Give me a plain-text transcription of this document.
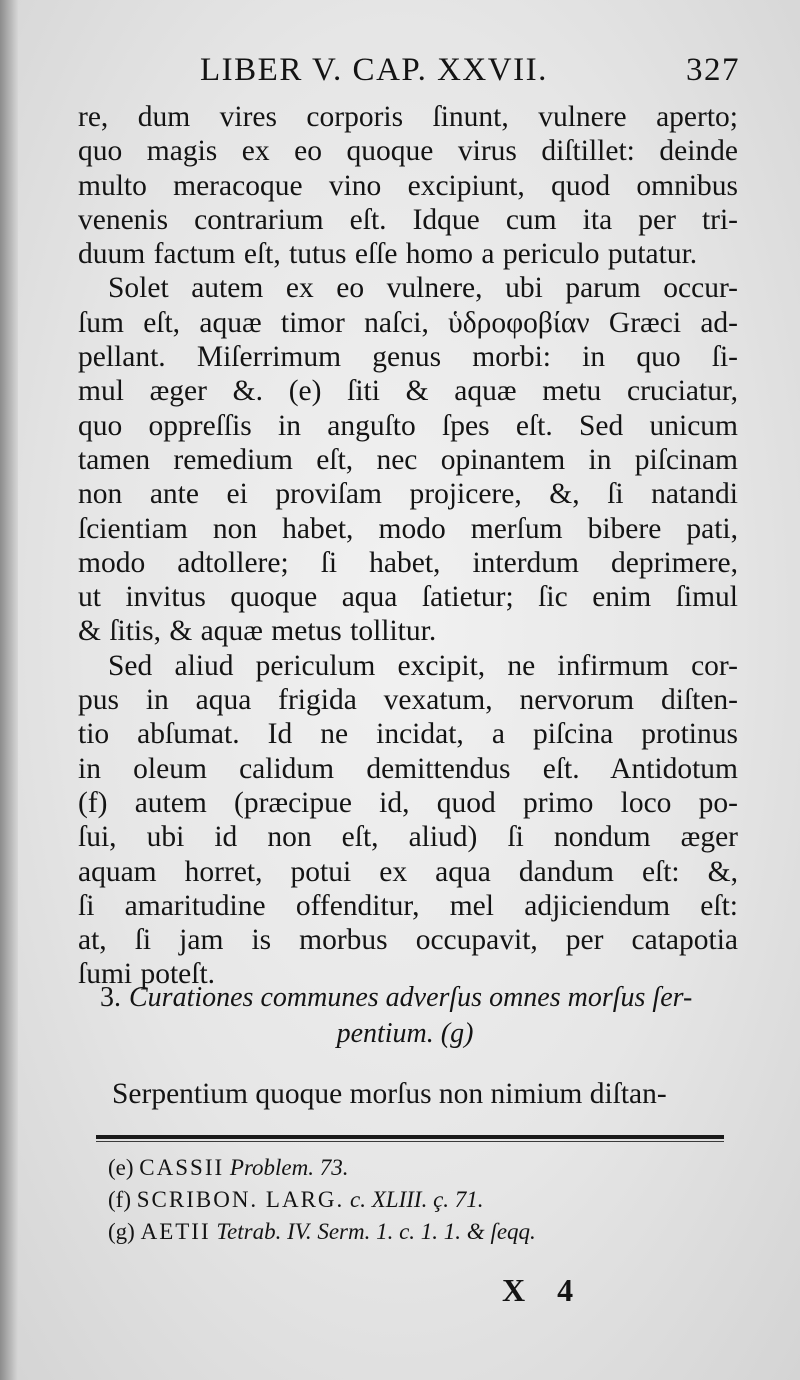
LIBER V. CAP. XXVII.	327
re, dum vires corporis ſinunt, vulnere aperto;
quo magis ex eo quoque virus diſtillet: deinde
multo meracoque vino excipiunt, quod omnibus
venenis contrarium eſt. Idque cum ita per tri-
duum factum eſt, tutus eſſe homo a periculo putatur.
Solet autem ex eo vulnere, ubi parum occur-
ſum eſt, aquæ timor naſci, ὑδροφοβίαν Græci ad-
pellant. Miſerrimum genus morbi: in quo ſi-
mul æger &. (e) ſiti & aquæ metu cruciatur,
quo oppreſſis in anguſto ſpes eſt. Sed unicum
tamen remedium eſt, nec opinantem in piſcinam
non ante ei proviſam projicere, &, ſi natandi
ſcientiam non habet, modo merſum bibere pati,
modo adtollere; ſi habet, interdum deprimere,
ut invitus quoque aqua ſatietur; ſic enim ſimul
& ſitis, & aquæ metus tollitur.
Sed aliud periculum excipit, ne infirmum cor-
pus in aqua frigida vexatum, nervorum diſten-
tio abſumat. Id ne incidat, a piſcina protinus
in oleum calidum demittendus eſt. Antidotum
(f) autem (præcipue id, quod primo loco po-
ſui, ubi id non eſt, aliud) ſi nondum æger
aquam horret, potui ex aqua dandum eſt: &,
ſi amaritudine offenditur, mel adjiciendum eſt:
at, ſi jam is morbus occupavit, per catapotia
ſumi poteſt.
3. Curationes communes adverſus omnes morſus ſer-
pentium. (g)
Serpentium quoque morſus non nimium diſtan-
(e) CASSII Problem. 73.
(f) SCRIBON. LARG. c. XLIII. ç. 71.
(g) AETII Tetrab. IV. Serm. 1. c. 1. 1. & ſeqq.
X 4
